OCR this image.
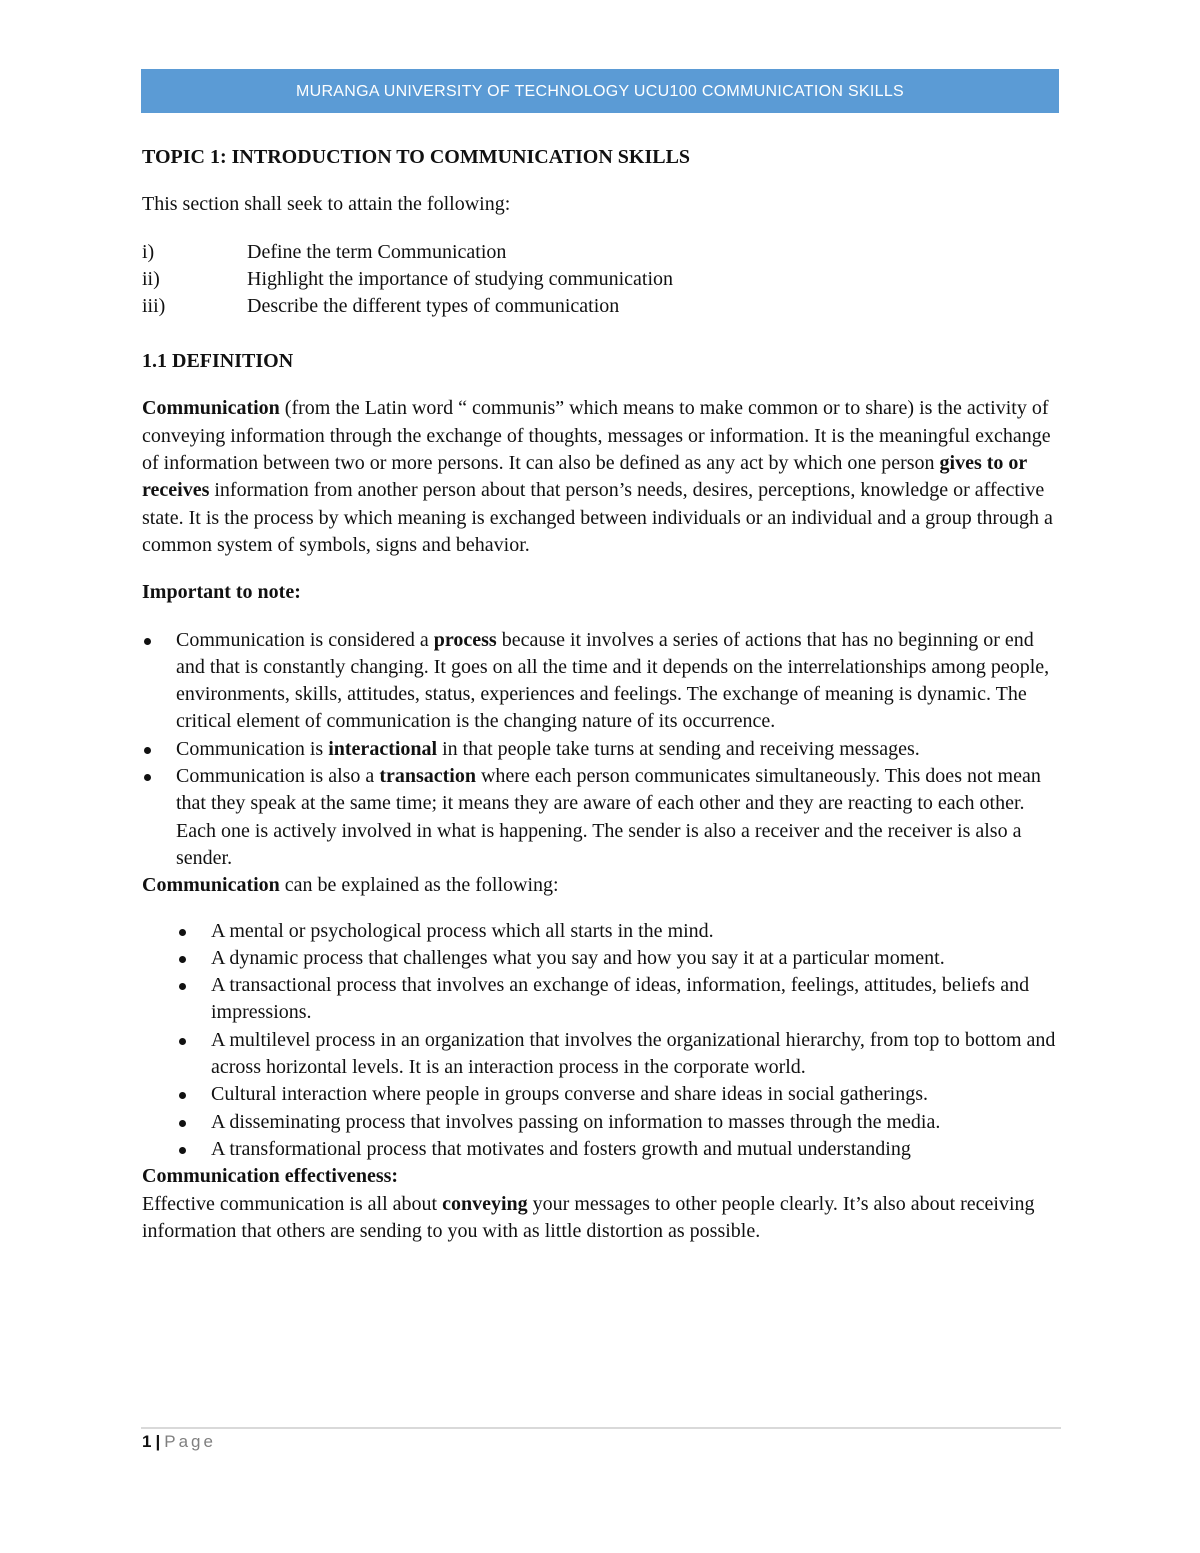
MURANGA UNIVERSITY OF TECHNOLOGY UCU100 COMMUNICATION SKILLS

TOPIC 1: INTRODUCTION TO COMMUNICATION SKILLS

This section shall seek to attain the following:

i)	Define the term Communication
ii)	Highlight the importance of studying communication
iii)	Describe the different types of communication
1.1 DEFINITION

Communication (from the Latin word “ communis” which means to make common or to share) is the activity of conveying information through the exchange of thoughts, messages or information. It is the meaningful exchange of information between two or more persons. It can also be defined as any act by which one person gives to or receives information from another person about that person’s needs, desires, perceptions, knowledge or affective state. It is the process by which meaning is exchanged between individuals or an individual and a group through a common system of symbols, signs and behavior.

Important to note:

Communication is considered a process because it involves a series of actions that has no beginning or end and that is constantly changing. It goes on all the time and it depends on the interrelationships among people, environments, skills, attitudes, status, experiences and feelings. The exchange of meaning is dynamic. The critical element of communication is the changing nature of its occurrence.
Communication is interactional in that people take turns at sending and receiving messages.
Communication is also a transaction where each person communicates simultaneously. This does not mean that they speak at the same time; it means they are aware of each other and they are reacting to each other. Each one is actively involved in what is happening. The sender is also a receiver and the receiver is also a sender.

Communication can be explained as the following:

A mental or psychological process which all starts in the mind.
A dynamic process that challenges what you say and how you say it at a particular moment.
A transactional process that involves an exchange of ideas, information, feelings, attitudes, beliefs and impressions.
A multilevel process in an organization that involves the organizational hierarchy, from top to bottom and across horizontal levels. It is an interaction process in the corporate world.
Cultural interaction where people in groups converse and share ideas in social gatherings.
A disseminating process that involves passing on information to masses through the media.
A transformational process that motivates and fosters growth and mutual understanding

Communication effectiveness:

Effective communication is all about conveying your messages to other people clearly. It’s also about receiving information that others are sending to you with as little distortion as possible.

1 | Page
